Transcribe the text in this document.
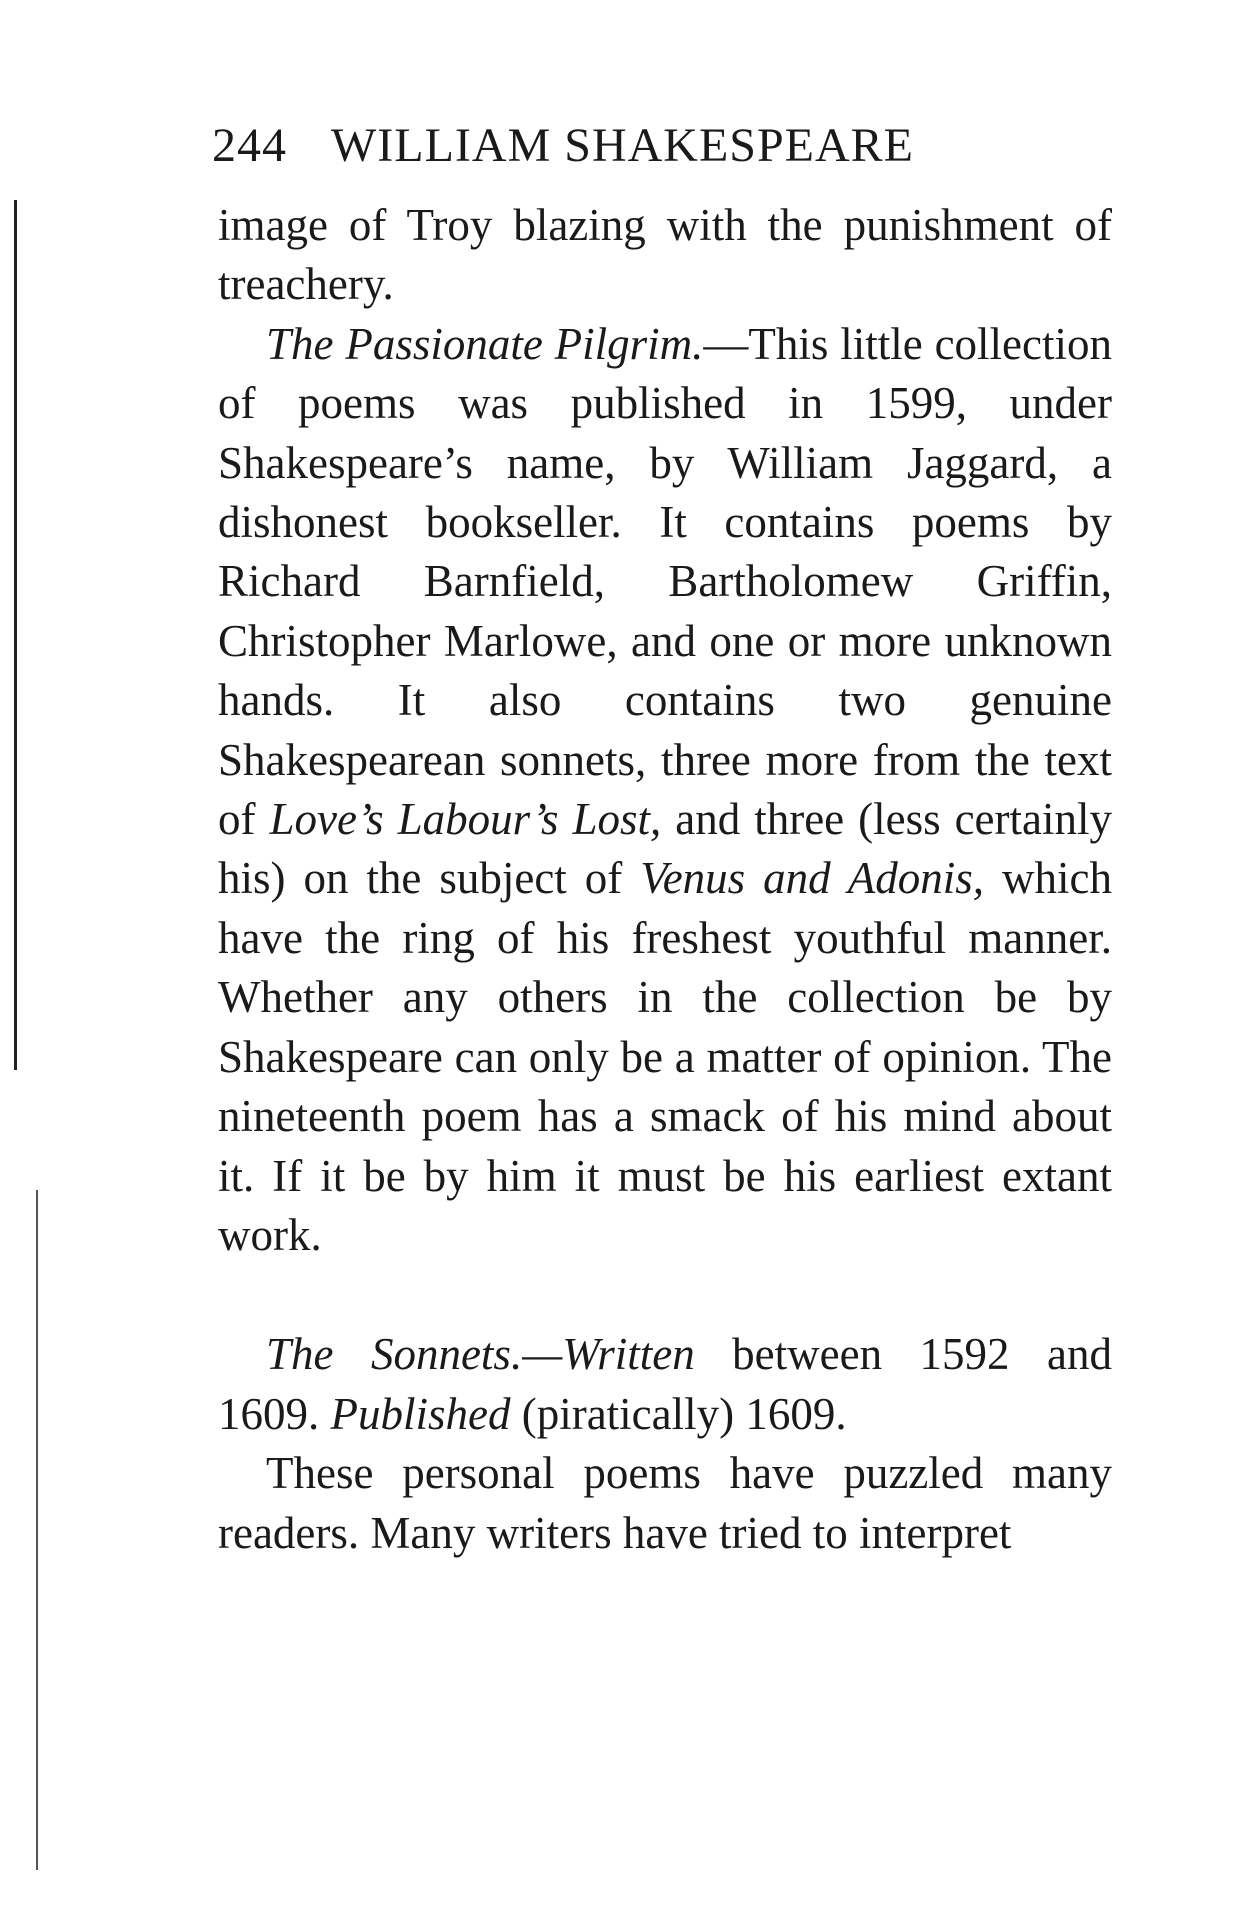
244 WILLIAM SHAKESPEARE

image of Troy blazing with the punishment of treachery.

The Passionate Pilgrim.—This little collection of poems was published in 1599, under Shakespeare’s name, by William Jaggard, a dishonest bookseller. It contains poems by Richard Barnfield, Bartholomew Griffin, Christopher Marlowe, and one or more unknown hands. It also contains two genuine Shakespearean sonnets, three more from the text of Love’s Labour’s Lost, and three (less certainly his) on the subject of Venus and Adonis, which have the ring of his freshest youthful manner. Whether any others in the collection be by Shakespeare can only be a matter of opinion. The nineteenth poem has a smack of his mind about it. If it be by him it must be his earliest extant work.

The Sonnets.—Written between 1592 and 1609. Published (piratically) 1609.

These personal poems have puzzled many readers. Many writers have tried to interpret
